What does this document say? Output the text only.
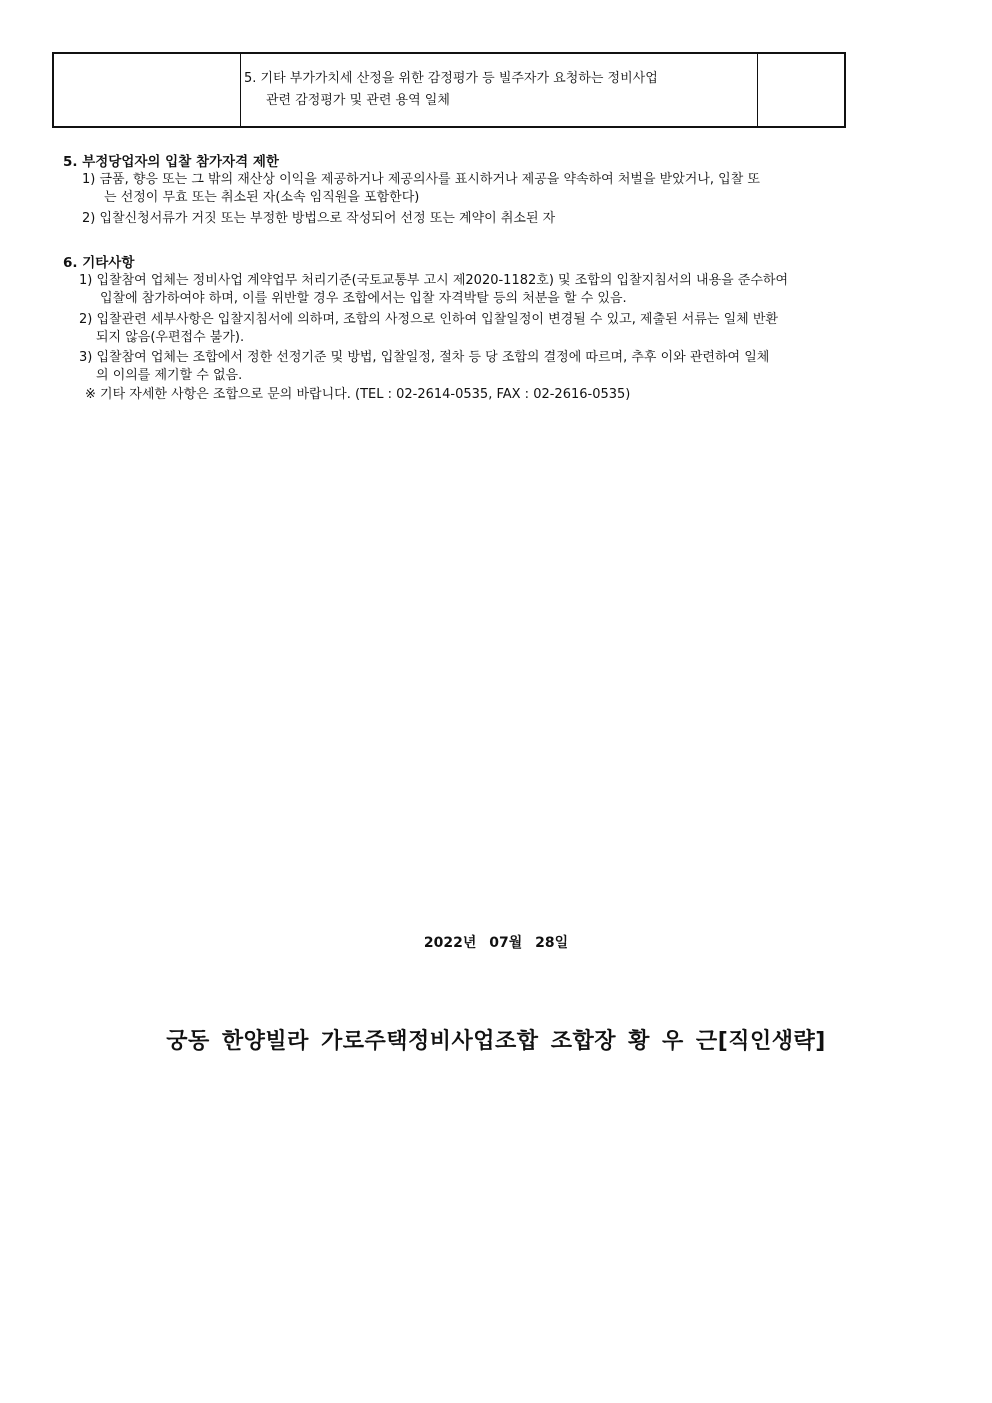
5. 기타 부가가치세 산정을 위한 감정평가 등 빌주자가 요청하는 정비사업
관련 감정평가 및 관련 용역 일체
5. 부정당업자의 입찰 참가자격 제한
1) 금품, 향응 또는 그 밖의 재산상 이익을 제공하거나 제공의사를 표시하거나 제공을 약속하여 처벌을 받았거나, 입찰 또
는 선정이 무효 또는 취소된 자(소속 임직원을 포함한다)
2) 입찰신청서류가 거짓 또는 부정한 방법으로 작성되어 선정 또는 계약이 취소된 자
6. 기타사항
1) 입찰참여 업체는 정비사업 계약업무 처리기준(국토교통부 고시 제2020-1182호) 및 조합의 입찰지침서의 내용을 준수하여
입찰에 참가하여야 하며, 이를 위반할 경우 조합에서는 입찰 자격박탈 등의 처분을 할 수 있음.
2) 입찰관련 세부사항은 입찰지침서에 의하며, 조합의 사정으로 인하여 입찰일정이 변경될 수 있고, 제출된 서류는 일체 반환
되지 않음(우편접수 불가).
3) 입찰참여 업체는 조합에서 정한 선정기준 및 방법, 입찰일정, 절차 등 당 조합의 결정에 따르며, 추후 이와 관련하여 일체
의 이의를 제기할 수 없음.
※ 기타 자세한 사항은 조합으로 문의 바랍니다. (TEL : 02-2614-0535, FAX : 02-2616-0535)
2022년 07월 28일
궁동 한양빌라 가로주택정비사업조합 조합장 황 우 근[직인생략]
